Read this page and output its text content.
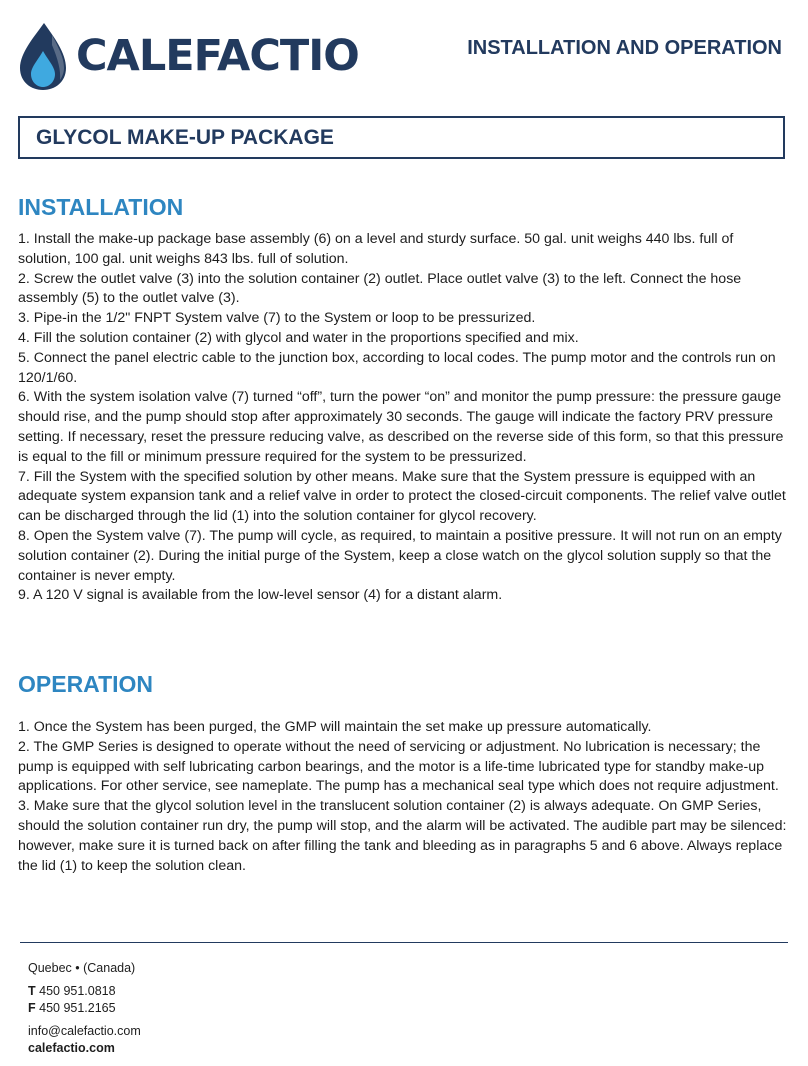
CALEFACTIO	INSTALLATION AND OPERATION
GLYCOL MAKE-UP PACKAGE
INSTALLATION
1. Install the make-up package base assembly (6) on a level and sturdy surface. 50 gal. unit weighs 440 lbs. full of solution, 100 gal. unit weighs 843 lbs. full of solution.
2. Screw the outlet valve (3) into the solution container (2) outlet. Place outlet valve (3) to the left. Connect the hose assembly (5) to the outlet valve (3).
3. Pipe-in the 1/2" FNPT System valve (7) to the System or loop to be pressurized.
4. Fill the solution container (2) with glycol and water in the proportions specified and mix.
5. Connect the panel electric cable to the junction box, according to local codes. The pump motor and the controls run on 120/1/60.
6. With the system isolation valve (7) turned “off”, turn the power “on” and monitor the pump pressure: the pressure gauge should rise, and the pump should stop after approximately 30 seconds. The gauge will indicate the factory PRV pressure setting. If necessary, reset the pressure reducing valve, as described on the reverse side of this form, so that this pressure is equal to the fill or minimum pressure required for the system to be pressurized.
7. Fill the System with the specified solution by other means. Make sure that the System pressure is equipped with an adequate system expansion tank and a relief valve in order to protect the closed-circuit components. The relief valve outlet can be discharged through the lid (1) into the solution container for glycol recovery.
8. Open the System valve (7). The pump will cycle, as required, to maintain a positive pressure. It will not run on an empty solution container (2). During the initial purge of the System, keep a close watch on the glycol solution supply so that the container is never empty.
9. A 120 V signal is available from the low-level sensor (4) for a distant alarm.
OPERATION
1. Once the System has been purged, the GMP will maintain the set make up pressure automatically.
2. The GMP Series is designed to operate without the need of servicing or adjustment. No lubrication is necessary; the pump is equipped with self lubricating carbon bearings, and the motor is a life-time lubricated type for standby make-up applications. For other service, see nameplate. The pump has a mechanical seal type which does not require adjustment.
3. Make sure that the glycol solution level in the translucent solution container (2) is always adequate. On GMP Series, should the solution container run dry, the pump will stop, and the alarm will be activated. The audible part may be silenced: however, make sure it is turned back on after filling the tank and bleeding as in paragraphs 5 and 6 above. Always replace the lid (1) to keep the solution clean.
Quebec • (Canada)
T 450 951.0818
F 450 951.2165
info@calefactio.com
calefactio.com
